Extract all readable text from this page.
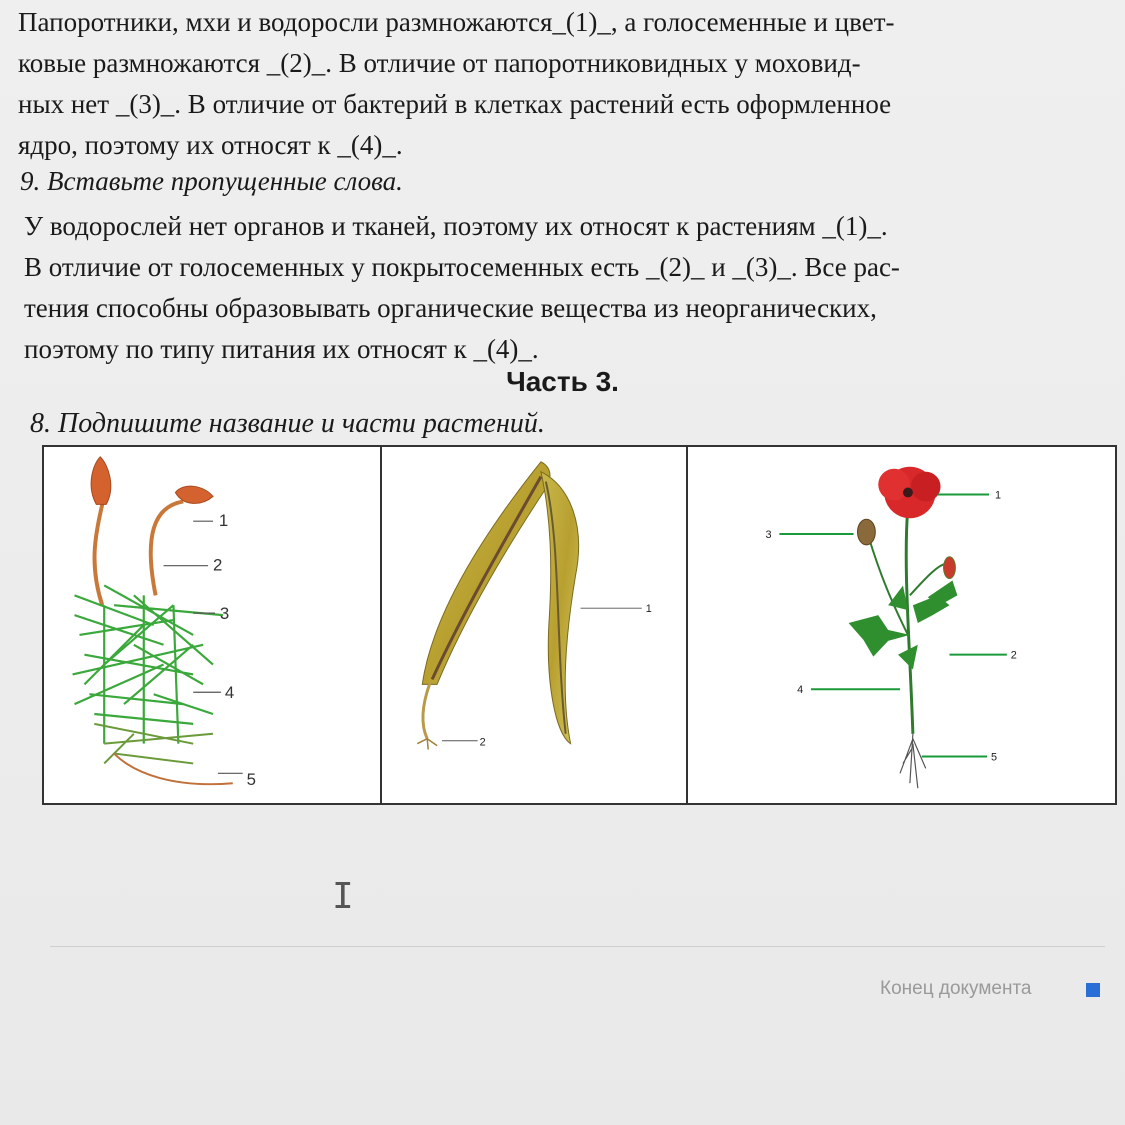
Папоротники, мхи и водоросли размножаются_(1)_, а голосеменные и цвет-
ковые размножаются _(2)_. В отличие от папоротниковидных у моховид-
ных нет _(3)_. В отличие от бактерий в клетках растений есть оформленное
ядро, поэтому их относят к _(4)_.
9. Вставьте пропущенные слова.
У водорослей нет органов и тканей, поэтому их относят к растениям _(1)_.
В отличие от голосеменных у покрытосеменных есть _(2)_ и _(3)_. Все рас-
тения способны образовывать органические вещества из неорганических,
поэтому по типу питания их относят к _(4)_.
Часть 3.
8. Подпишите название и части растений.
1
2
3
4
5
1
2
1
2
3
4
5
I
Конец документа
